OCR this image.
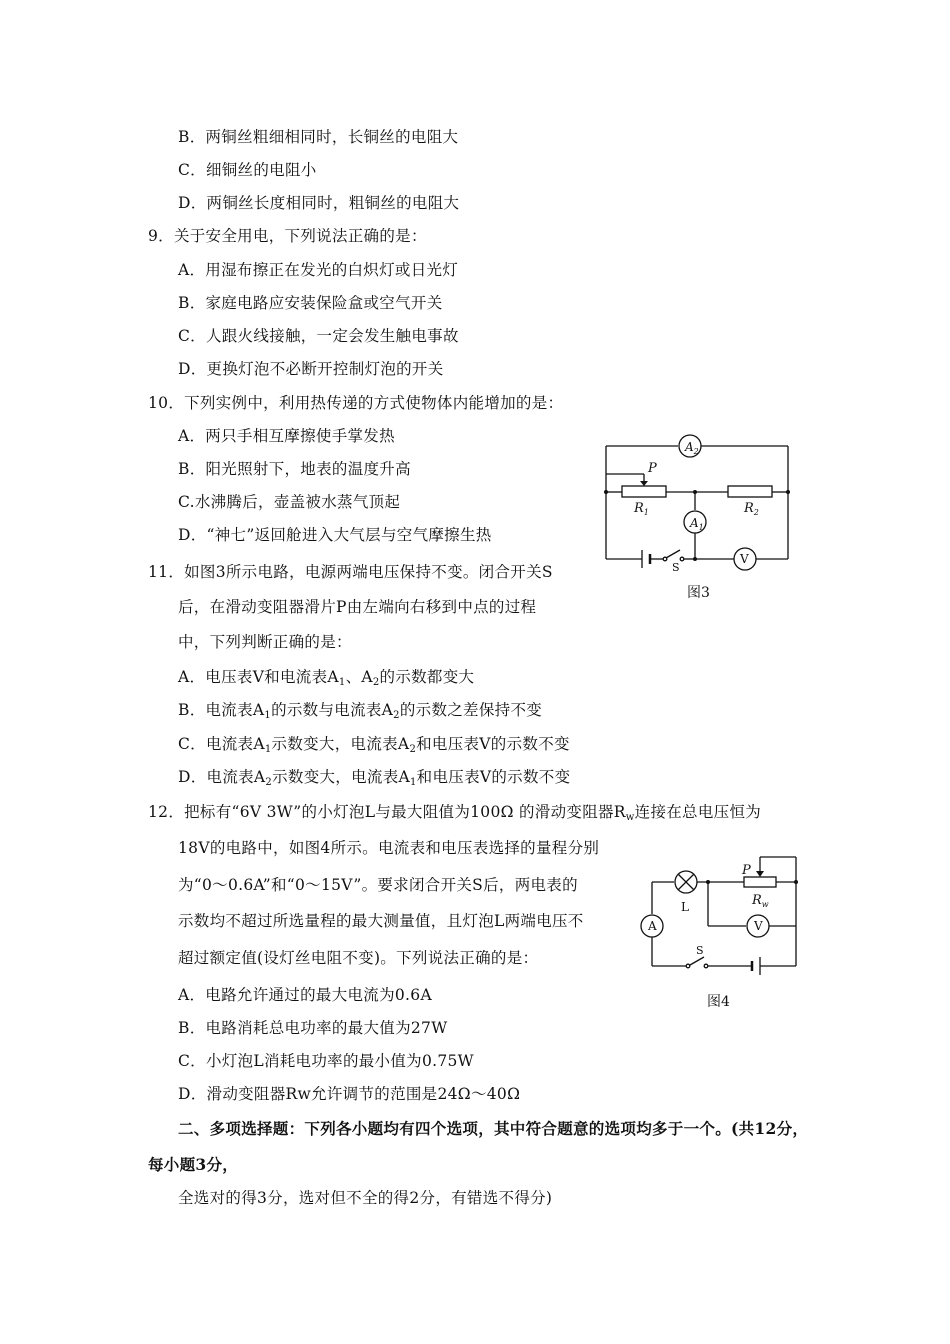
B．两铜丝粗细相同时，长铜丝的电阻大
C．细铜丝的电阻小
D．两铜丝长度相同时，粗铜丝的电阻大
9．关于安全用电，下列说法正确的是：
A．用湿布擦正在发光的白炽灯或日光灯
B．家庭电路应安装保险盒或空气开关
C．人跟火线接触，一定会发生触电事故
D．更换灯泡不必断开控制灯泡的开关
10．下列实例中，利用热传递的方式使物体内能增加的是：
A．两只手相互摩擦使手掌发热
B．阳光照射下，地表的温度升高
C.水沸腾后，壶盖被水蒸气顶起
D．“神七”返回舱进入大气层与空气摩擦生热
11．如图3所示电路，电源两端电压保持不变。闭合开关S
后，在滑动变阻器滑片P由左端向右移到中点的过程
中，下列判断正确的是：
A．电压表V和电流表$A_1$、$A_2$的示数都变大
B．电流表$A_1$的示数与电流表$A_2$的示数之差保持不变
C．电流表$A_1$示数变大，电流表$A_2$和电压表V的示数不变
D．电流表$A_2$示数变大，电流表$A_1$和电压表V的示数不变
$A_2$
$A_1$
P
$R_1$	$R_2$
S
V
图3
12．把标有“6V 3W”的小灯泡L与最大阻值为100Ω 的滑动变阻器$R_w$连接在总电压恒为
18V的电路中，如图4所示。电流表和电压表选择的量程分别
为“0～0.6A”和“0～15V”。要求闭合开关S后，两电表的
示数均不超过所选量程的最大测量值，且灯泡L两端电压不
超过额定值(设灯丝电阻不变)。下列说法正确的是：
A．电路允许通过的最大电流为0.6A
B．电路消耗总电功率的最大值为27W
C．小灯泡L消耗电功率的最小值为0.75W
D．滑动变阻器Rw允许调节的范围是24Ω～40Ω
P
L	$R_w$
A	V
S
图4
二、多项选择题：下列各小题均有四个选项，其中符合题意的选项均多于一个。(共12分，
每小题3分，
全选对的得3分，选对但不全的得2分，有错选不得分)
